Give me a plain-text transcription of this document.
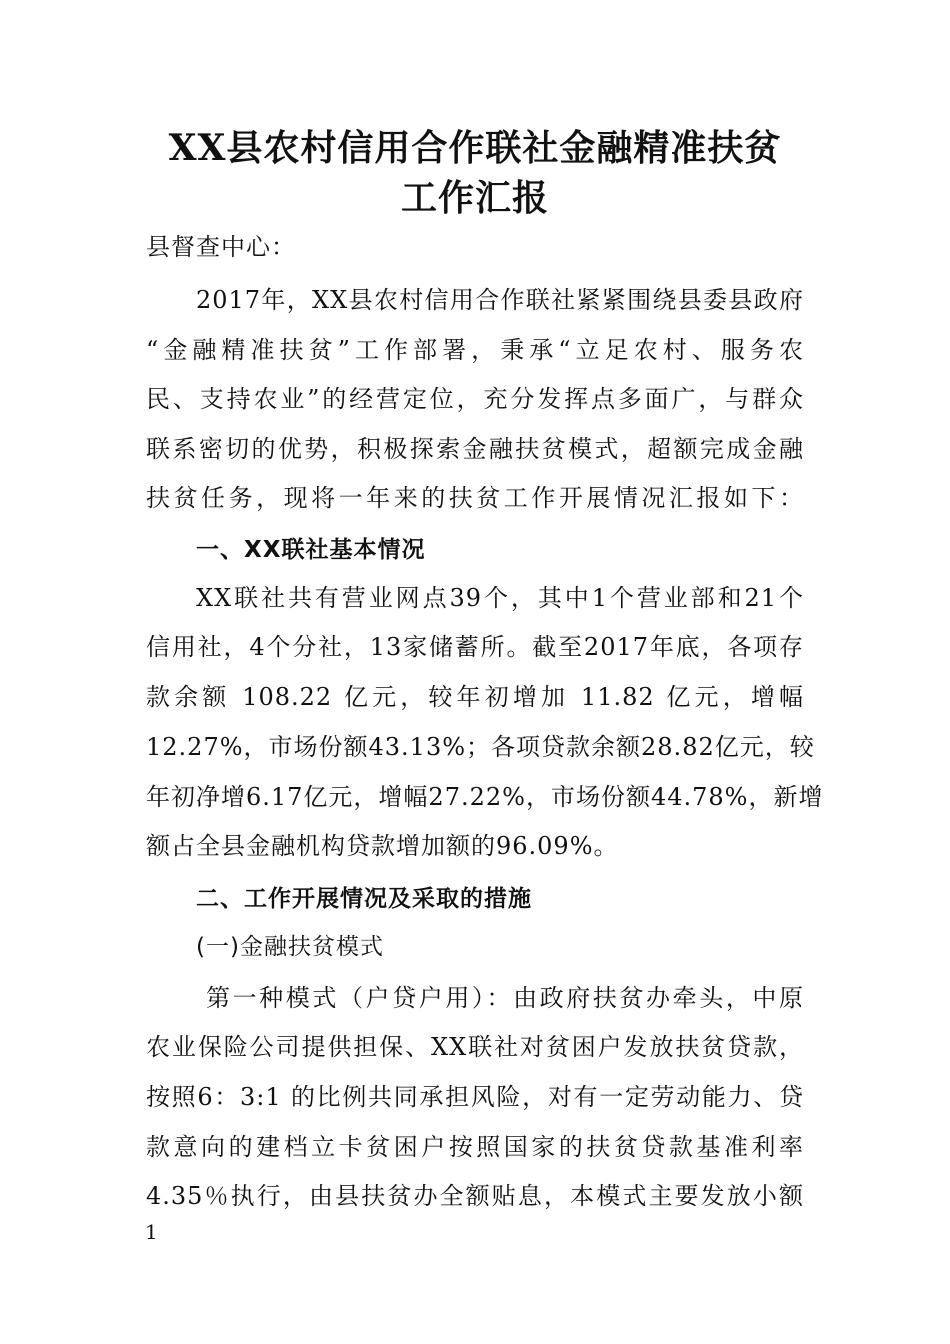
XX县农村信用合作联社金融精准扶贫
工作汇报

县督查中心：

2017年，XX县农村信用合作联社紧紧围绕县委县政府

“金融精准扶贫”工作部署，秉承“立足农村、服务农

民、支持农业”的经营定位，充分发挥点多面广，与群众

联系密切的优势，积极探索金融扶贫模式，超额完成金融

扶贫任务，现将一年来的扶贫工作开展情况汇报如下：

一、XX联社基本情况

XX联社共有营业网点39个，其中1个营业部和21个

信用社，4个分社，13家储蓄所。截至2017年底，各项存

款余额 108.22 亿元，较年初增加 11.82 亿元，增幅

12.27%，市场份额43.13%；各项贷款余额28.82亿元，较

年初净增6.17亿元，增幅27.22%，市场份额44.78%，新增

额占全县金融机构贷款增加额的96.09%。

二、工作开展情况及采取的措施

(一)金融扶贫模式

第一种模式（户贷户用）：由政府扶贫办牵头，中原

农业保险公司提供担保、XX联社对贫困户发放扶贫贷款，

按照6：3:1 的比例共同承担风险，对有一定劳动能力、贷

款意向的建档立卡贫困户按照国家的扶贫贷款基准利率

4.35％执行，由县扶贫办全额贴息，本模式主要发放小额

1
